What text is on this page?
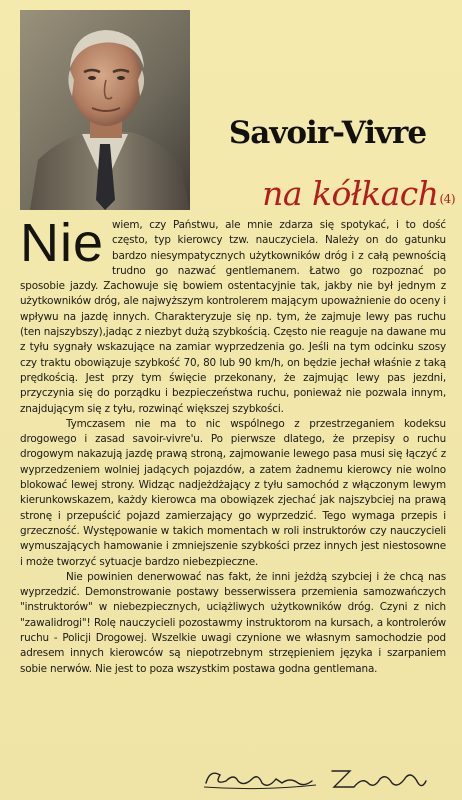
Savoir-Vivre
na kółkach(4)
Nie wiem, czy Państwu, ale mnie zdarza się spotykać, i to dość często, typ kierowcy tzw. nauczyciela. Należy on do gatunku bardzo niesympatycznych użytkowników dróg i z całą pewnością trudno go nazwać gentlemanem. Łatwo go rozpoznać po sposobie jazdy. Zachowuje się bowiem ostentacyjnie tak, jakby nie był jednym z użytkowników dróg, ale najwyższym kontrolerem mającym upoważnienie do oceny i wpływu na jazdę innych. Charakteryzuje się np. tym, że zajmuje lewy pas ruchu (ten najszybszy),jadąc z niezbyt dużą szybkością. Często nie reaguje na dawane mu z tyłu sygnały wskazujące na zamiar wyprzedzenia go. Jeśli na tym odcinku szosy czy traktu obowiązuje szybkość 70, 80 lub 90 km/h, on będzie jechał właśnie z taką prędkością. Jest przy tym święcie przekonany, że zajmując lewy pas jezdni, przyczynia się do porządku i bezpieczeństwa ruchu, ponieważ nie pozwala innym, znajdującym się z tyłu, rozwinąć większej szybkości.

Tymczasem nie ma to nic wspólnego z przestrzeganiem kodeksu drogowego i zasad savoir-vivre'u. Po pierwsze dlatego, że przepisy o ruchu drogowym nakazują jazdę prawą stroną, zajmowanie lewego pasa musi się łączyć z wyprzedzeniem wolniej jadących pojazdów, a zatem żadnemu kierowcy nie wolno blokować lewej strony. Widząc nadjeżdżający z tyłu samochód z włączonym lewym kierunkowskazem, każdy kierowca ma obowiązek zjechać jak najszybciej na prawą stronę i przepuścić pojazd zamierzający go wyprzedzić. Tego wymaga przepis i grzeczność. Występowanie w takich momentach w roli instruktorów czy nauczycieli wymuszających hamowanie i zmniejszenie szybkości przez innych jest niestosowne i może tworzyć sytuacje bardzo niebezpieczne.

Nie powinien denerwować nas fakt, że inni jeżdżą szybciej i że chcą nas wyprzedzić. Demonstrowanie postawy besserwissera przemienia samozwańczych "instruktorów" w niebezpiecznych, uciążliwych użytkowników dróg. Czyni z nich "zawalidrogi"! Rolę nauczycieli pozostawmy instruktorom na kursach, a kontrolerów ruchu - Policji Drogowej. Wszelkie uwagi czynione we własnym samochodzie pod adresem innych kierowców są niepotrzebnym strzępieniem języka i szarpaniem sobie nerwów. Nie jest to poza wszystkim postawa godna gentlemana.
